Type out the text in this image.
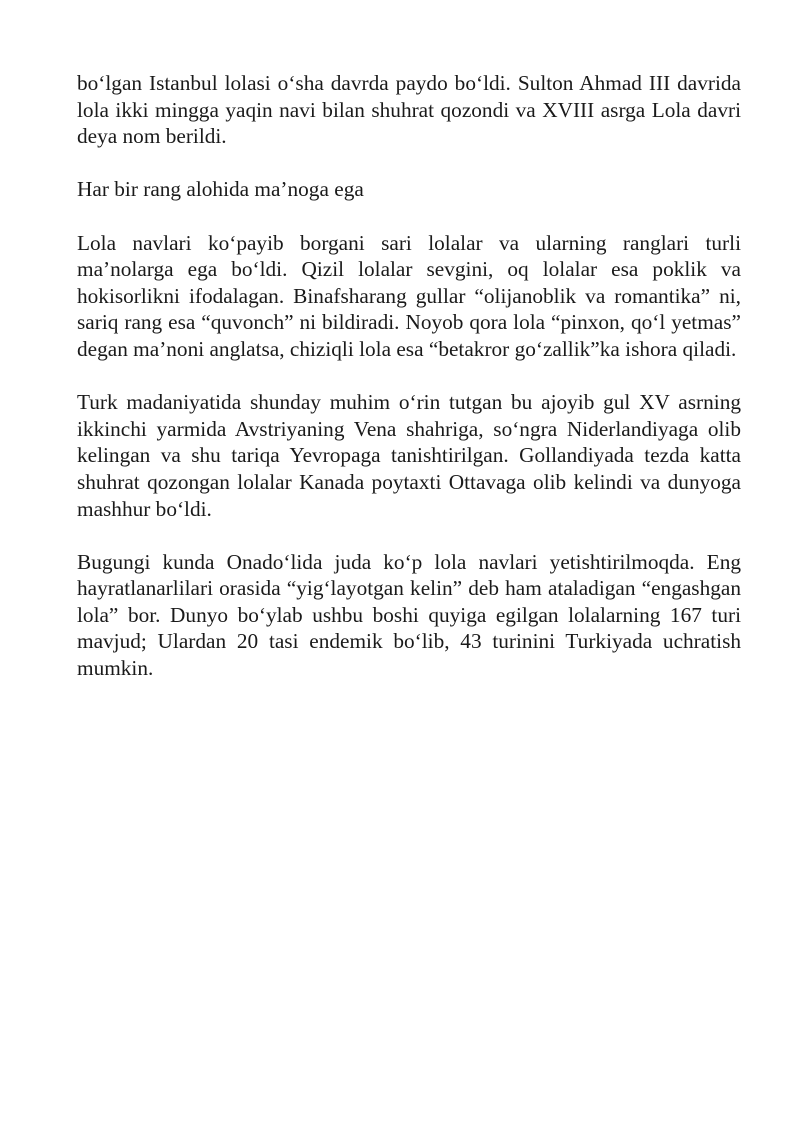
bo‘lgan Istanbul lolasi o‘sha davrda paydo bo‘ldi. Sulton Ahmad III davrida lola ikki mingga yaqin navi bilan shuhrat qozondi va XVIII asrga Lola davri deya nom berildi.

Har bir rang alohida ma’noga ega

Lola navlari ko‘payib borgani sari lolalar va ularning ranglari turli ma’nolarga ega bo‘ldi. Qizil lolalar sevgini, oq lolalar esa poklik va hokisorlikni ifodalagan. Binafsharang gullar “olijanoblik va romantika” ni, sariq rang esa “quvonch” ni bildiradi. Noyob qora lola “pinxon, qo‘l yetmas” degan ma’noni anglatsa, chiziqli lola esa “betakror go‘zallik”ka ishora qiladi.

Turk madaniyatida shunday muhim o‘rin tutgan bu ajoyib gul XV asrning ikkinchi yarmida Avstriyaning Vena shahriga, so‘ngra Niderlandiyaga olib kelingan va shu tariqa Yevropaga tanishtirilgan. Gollandiyada tezda katta shuhrat qozongan lolalar Kanada poytaxti Ottavaga olib kelindi va dunyoga mashhur bo‘ldi.

Bugungi kunda Onado‘lida juda ko‘p lola navlari yetishtirilmoqda. Eng hayratlanarlilari orasida “yig‘layotgan kelin” deb ham ataladigan “engashgan lola” bor. Dunyo bo‘ylab ushbu boshi quyiga egilgan lolalarning 167 turi mavjud; Ulardan 20 tasi endemik bo‘lib, 43 turinini Turkiyada uchratish mumkin.
